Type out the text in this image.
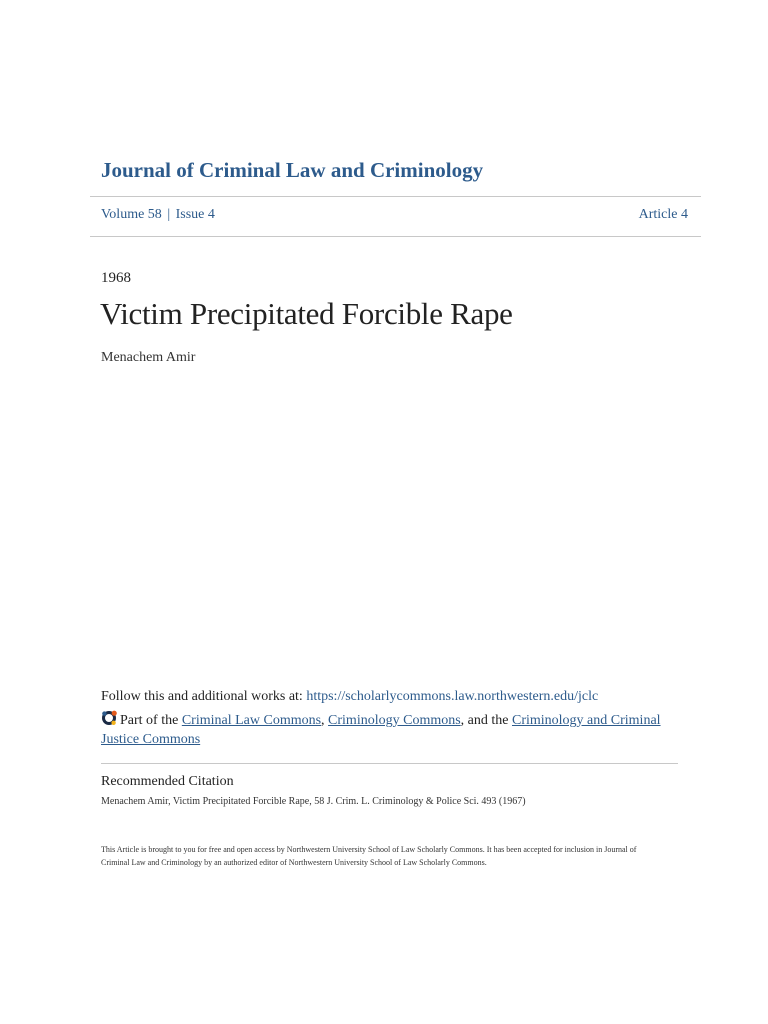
Journal of Criminal Law and Criminology
Volume 58 | Issue 4	Article 4
1968
Victim Precipitated Forcible Rape
Menachem Amir
Follow this and additional works at: https://scholarlycommons.law.northwestern.edu/jclc
Part of the Criminal Law Commons, Criminology Commons, and the Criminology and Criminal Justice Commons
Recommended Citation
Menachem Amir, Victim Precipitated Forcible Rape, 58 J. Crim. L. Criminology & Police Sci. 493 (1967)
This Article is brought to you for free and open access by Northwestern University School of Law Scholarly Commons. It has been accepted for inclusion in Journal of Criminal Law and Criminology by an authorized editor of Northwestern University School of Law Scholarly Commons.
